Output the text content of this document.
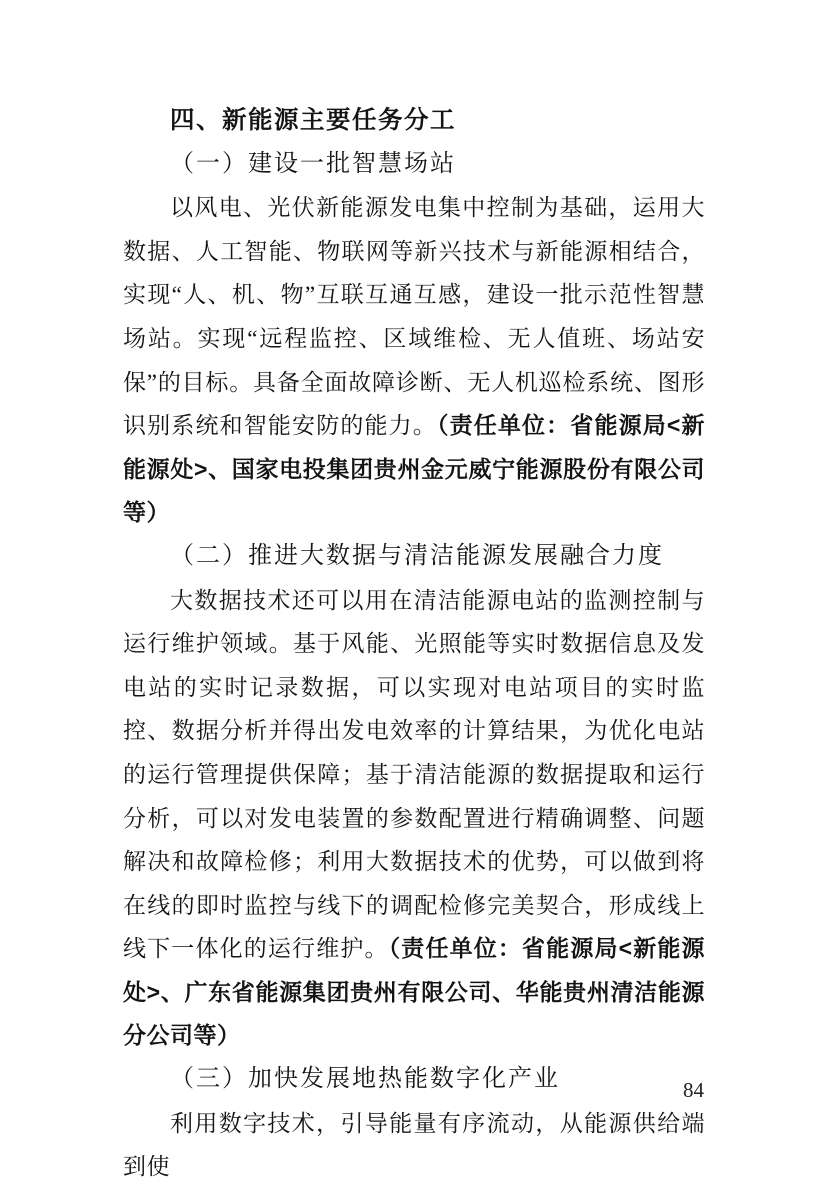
四、新能源主要任务分工
（一）建设一批智慧场站

以风电、光伏新能源发电集中控制为基础，运用大数据、人工智能、物联网等新兴技术与新能源相结合，实现“人、机、物”互联互通互感，建设一批示范性智慧场站。实现“远程监控、区域维检、无人值班、场站安保”的目标。具备全面故障诊断、无人机巡检系统、图形识别系统和智能安防的能力。（责任单位：省能源局<新能源处>、国家电投集团贵州金元威宁能源股份有限公司等）

（二）推进大数据与清洁能源发展融合力度

大数据技术还可以用在清洁能源电站的监测控制与运行维护领域。基于风能、光照能等实时数据信息及发电站的实时记录数据，可以实现对电站项目的实时监控、数据分析并得出发电效率的计算结果，为优化电站的运行管理提供保障；基于清洁能源的数据提取和运行分析，可以对发电装置的参数配置进行精确调整、问题解决和故障检修；利用大数据技术的优势，可以做到将在线的即时监控与线下的调配检修完美契合，形成线上线下一体化的运行维护。（责任单位：省能源局<新能源处>、广东省能源集团贵州有限公司、华能贵州清洁能源分公司等）

（三）加快发展地热能数字化产业

利用数字技术，引导能量有序流动，从能源供给端到使

84
